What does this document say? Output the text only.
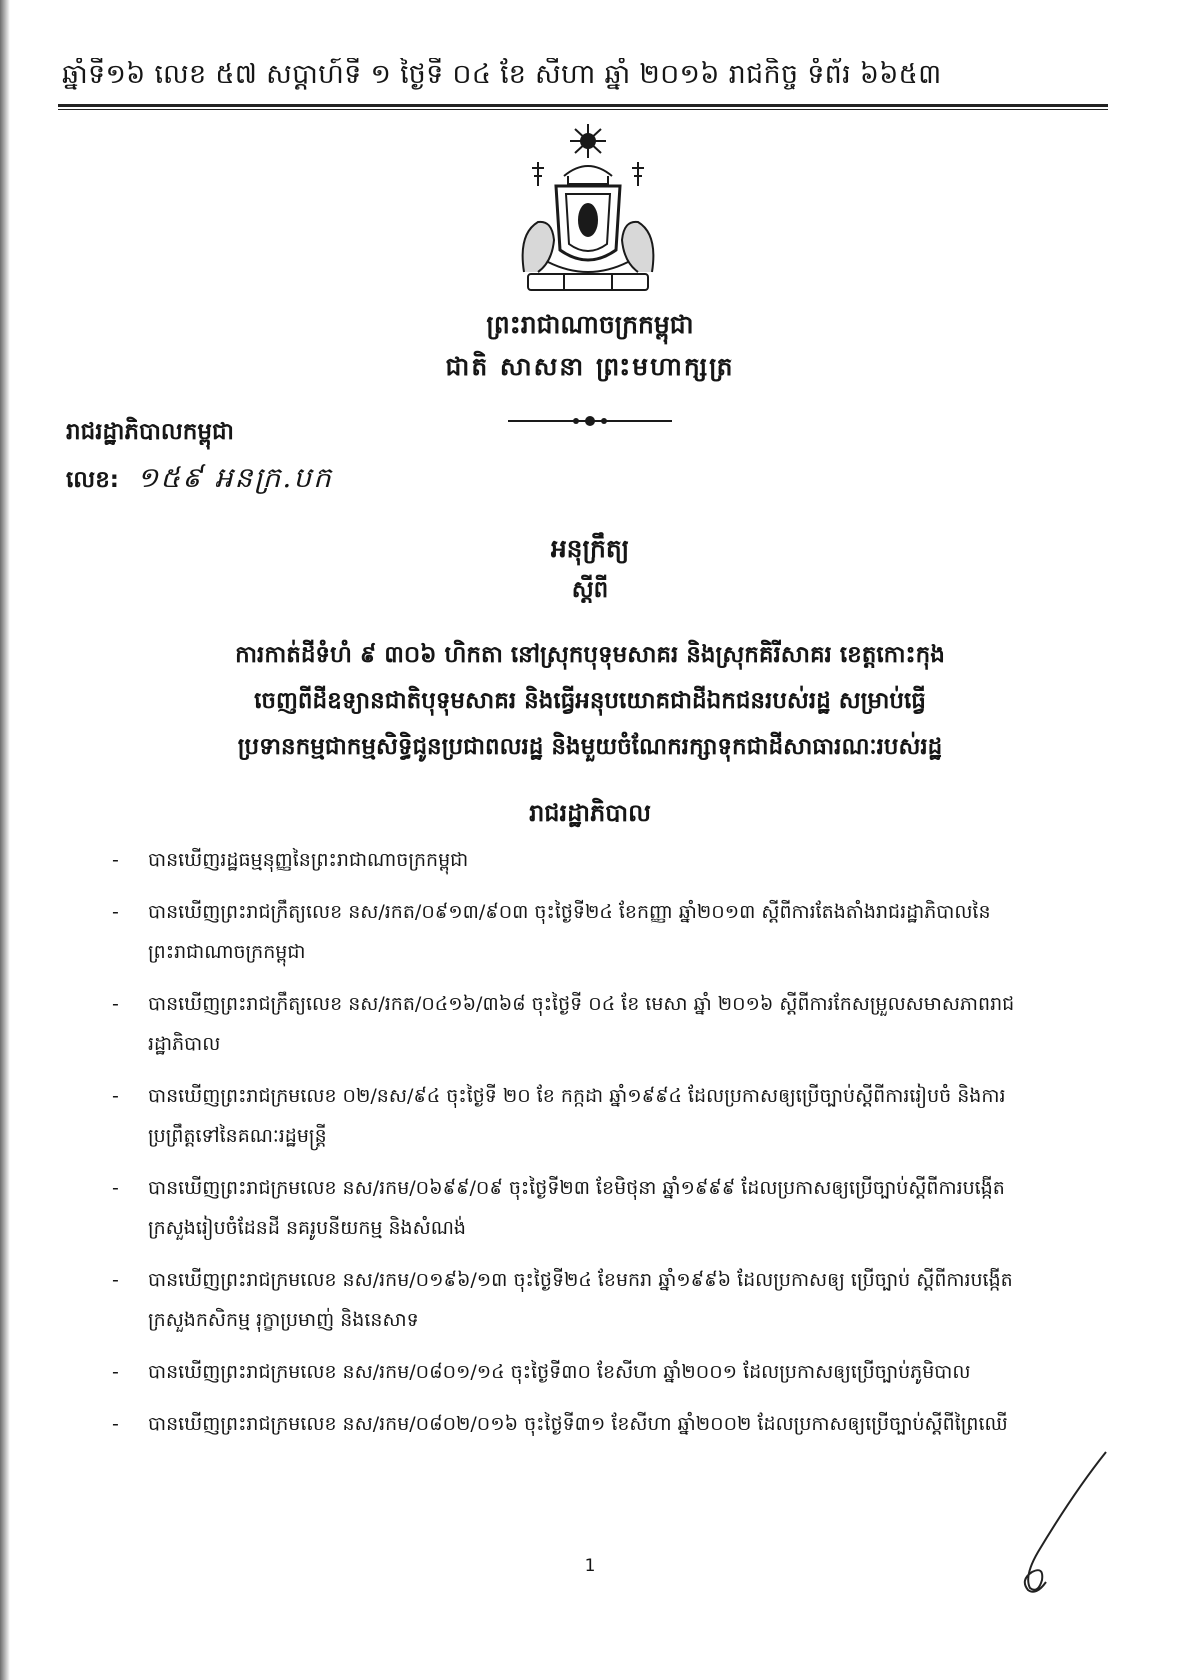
ឆ្នាំទី១៦ លេខ ៥៧ សប្តាហ៍ទី ១ ថ្ងៃទី ០៤ ខែ សីហា ឆ្នាំ ២០១៦ រាជកិច្ច ទំព័រ ៦៦៥៣
ព្រះរាជាណាចក្រកម្ពុជា
ជាតិ សាសនា ព្រះមហាក្សត្រ
រាជរដ្ឋាភិបាលកម្ពុជា
លេខ: ១៥៩ អនក្រ.បក
អនុក្រឹត្យ
ស្តីពី
ការកាត់ដីទំហំ ៩ ៣០៦ ហិកតា នៅស្រុកបុទុមសាគរ និងស្រុកគិរីសាគរ ខេត្តកោះកុង
ចេញពីដីឧទ្យានជាតិបុទុមសាគរ និងធ្វើអនុបយោគជាដីឯកជនរបស់រដ្ឋ សម្រាប់ធ្វើ
ប្រទានកម្មជាកម្មសិទ្ធិជូនប្រជាពលរដ្ឋ និងមួយចំណែករក្សាទុកជាដីសាធារណៈរបស់រដ្ឋ
រាជរដ្ឋាភិបាល
- បានឃើញរដ្ឋធម្មនុញ្ញនៃព្រះរាជាណាចក្រកម្ពុជា
- បានឃើញព្រះរាជក្រឹត្យលេខ នស/រកត/០៩១៣/៩០៣ ចុះថ្ងៃទី២៤ ខែកញ្ញា ឆ្នាំ២០១៣ ស្តីពីការតែងតាំងរាជរដ្ឋាភិបាលនៃព្រះរាជាណាចក្រកម្ពុជា
- បានឃើញព្រះរាជក្រឹត្យលេខ នស/រកត/០៤១៦/៣៦៨ ចុះថ្ងៃទី ០៤ ខែ មេសា ឆ្នាំ ២០១៦ ស្តីពីការកែសម្រួលសមាសភាពរាជរដ្ឋាភិបាល
- បានឃើញព្រះរាជក្រមលេខ ០២/នស/៩៤ ចុះថ្ងៃទី ២០ ខែ កក្កដា ឆ្នាំ១៩៩៤ ដែលប្រកាសឲ្យប្រើច្បាប់ស្តីពីការរៀបចំ និងការប្រព្រឹត្តទៅនៃគណៈរដ្ឋមន្ត្រី
- បានឃើញព្រះរាជក្រមលេខ នស/រកម/០៦៩៩/០៩ ចុះថ្ងៃទី២៣ ខែមិថុនា ឆ្នាំ១៩៩៩ ដែលប្រកាសឲ្យប្រើច្បាប់ស្តីពីការបង្កើតក្រសួងរៀបចំដែនដី នគរូបនីយកម្ម និងសំណង់
- បានឃើញព្រះរាជក្រមលេខ នស/រកម/០១៩៦/១៣ ចុះថ្ងៃទី២៤ ខែមករា ឆ្នាំ១៩៩៦ ដែលប្រកាសឲ្យ ប្រើច្បាប់ ស្តីពីការបង្កើតក្រសួងកសិកម្ម រុក្ខាប្រមាញ់ និងនេសាទ
- បានឃើញព្រះរាជក្រមលេខ នស/រកម/០៨០១/១៤ ចុះថ្ងៃទី៣០ ខែសីហា ឆ្នាំ២០០១ ដែលប្រកាសឲ្យប្រើច្បាប់ភូមិបាល
- បានឃើញព្រះរាជក្រមលេខ នស/រកម/០៨០២/០១៦ ចុះថ្ងៃទី៣១ ខែសីហា ឆ្នាំ២០០២ ដែលប្រកាសឲ្យប្រើច្បាប់ស្តីពីព្រៃឈើ
1
